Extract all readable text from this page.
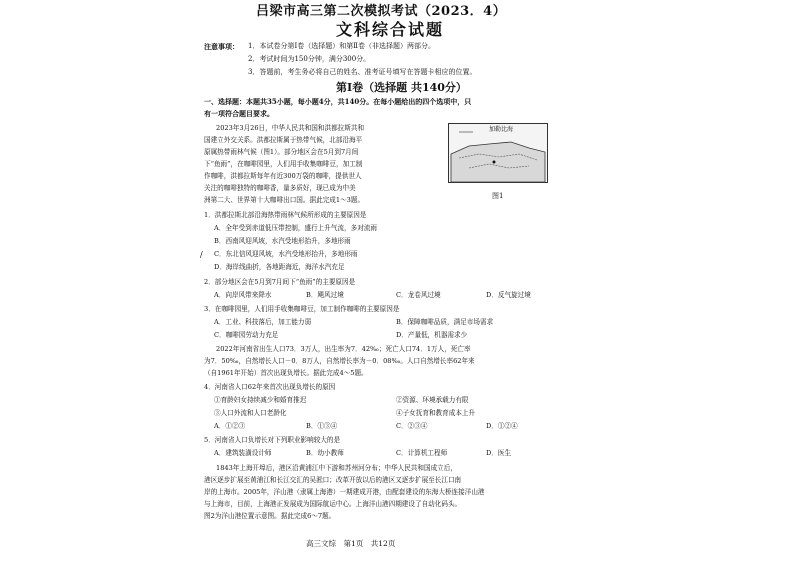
吕梁市高三第二次模拟考试（2023．4）
文科综合试题
注意事项： 1．本试卷分第Ⅰ卷（选择题）和第Ⅱ卷（非选择题）两部分。
2．考试时间为150分钟，满分300分。
3．答题前，考生务必将自己的姓名、准考证号填写在答题卡相应的位置。
第Ⅰ卷（选择题 共140分）
一、选择题：本题共35小题，每小题4分，共140分。在每小题给出的四个选项中，只
有一项符合题目要求。
2023年3月26日，中华人民共和国和洪都拉斯共和
国建立外交关系。洪都拉斯属于热带气候，北部沿海平
原属热带雨林气候（图1）。部分地区会在5月到7月间
下“鱼雨”，在咖啡园里，人们用手收集咖啡豆，加工制
作咖啡，洪都拉斯每年有近300万袋的咖啡，提供世人
关注的咖啡独特的咖啡香，量多质好，现已成为中美
洲第二大、世界第十大咖啡出口国。据此完成1～3题。
加勒比海
图1
1．洪都拉斯北部沿海热带雨林气候所形成的主要原因是
A．全年受到赤道低压带控制，盛行上升气流，多对流雨
B．西南风迎风坡，水汽受地形抬升，多地形雨
/ C．东北信风迎风坡，水汽受地形抬升，多地形雨
D．海岸线曲折，各地距海近，海洋水汽充足
2．部分地区会在5月到7月间下“鱼雨”的主要原因是
A．向岸风带来降水	B．飓风过境	C．龙卷风过境	D．反气旋过境
3．在咖啡园里，人们用手收集咖啡豆，加工制作咖啡的主要原因是
A．工业、科技落后，加工能力弱	B．保障咖啡品质，满足市场需求
C．咖啡园劳动力充足	D．产量低，机器需求少
2022年河南省出生人口73．3万人，出生率为7．42‰；死亡人口74．1万人，死亡率
为7．50‰，自然增长人口－0．8万人，自然增长率为－0．08‰。人口自然增长率62年来
（自1961年开始）首次出现负增长。据此完成4～5题。
4．河南省人口62年来首次出现负增长的原因
①育龄妇女持续减少和婚育推迟	②资源、环境承载力有限
③人口外流和人口老龄化	④子女抚育和教育成本上升
A．①②③	B．①③④	C．②③④	D．①②④
5．河南省人口负增长对下列职业影响较大的是
A．建筑装潢设计师	B．幼小教师	C．计算机工程师	D．医生
1843年上海开埠后，港区沿黄浦江中下游和苏州河分布；中华人民共和国成立后，
港区逐步扩展至黄浦江和长江交汇的吴淞口；改革开放以后的港区又逐步扩展至长江口南
岸的上海市。2005年，洋山港（隶属上海港）一期建成开港，由配套建设的东海大桥连接洋山港
与上海市，目前，上海港正发展成为国际航运中心。上海洋山港四期建设了自动化码头。
图2为洋山港位置示意图。据此完成6～7题。
高三文综　第1页　共12页
